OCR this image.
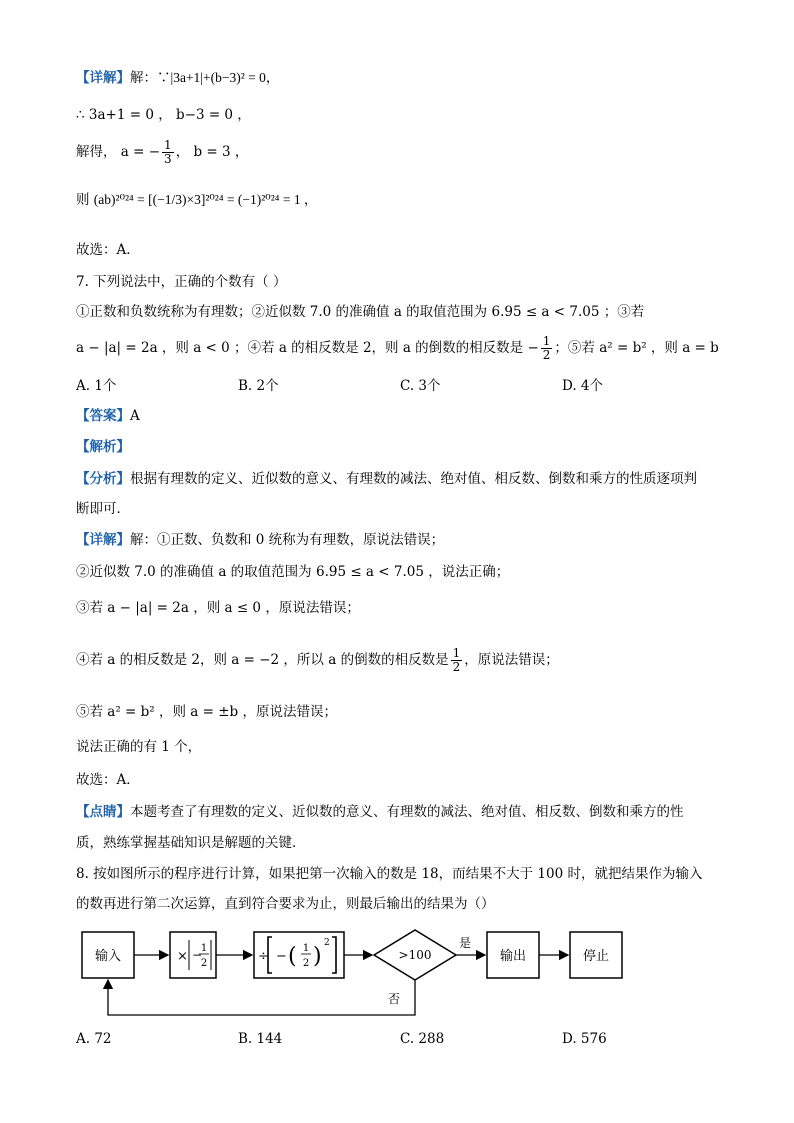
【详解】解：∵|3a+1|+(b−3)² = 0，
∴ 3a+1 = 0 ， b−3 = 0 ，
解得， a = − $\frac{1}{3}$ ， b = 3 ，
则 (ab)²⁰²⁴ = [(−1/3)×3]²⁰²⁴ = (−1)²⁰²⁴ = 1 ，
故选：A．
7. 下列说法中，正确的个数有（ ）
①正数和负数统称为有理数；②近似数 7.0 的准确值 a 的取值范围为 6.95 ≤ a < 7.05 ；③若
a − |a| = 2a ，则 a < 0 ；④若 a 的相反数是 2，则 a 的倒数的相反数是 − $\frac{1}{2}$ ；⑤若 a² = b² ，则 a = b
A. 1个	B. 2个	C. 3个	D. 4个
【答案】A
【解析】
【分析】根据有理数的定义、近似数的意义、有理数的减法、绝对值、相反数、倒数和乘方的性质逐项判
断即可．
【详解】解：①正数、负数和 0 统称为有理数，原说法错误；
②近似数 7.0 的准确值 a 的取值范围为 6.95 ≤ a < 7.05 ，说法正确；
③若 a − |a| = 2a ，则 a ≤ 0 ，原说法错误；
④若 a 的相反数是 2，则 a = −2 ，所以 a 的倒数的相反数是 $\frac{1}{2}$ ，原说法错误；
⑤若 a² = b² ，则 a = ±b ，原说法错误；
说法正确的有 1 个，
故选：A．
【点睛】本题考查了有理数的定义、近似数的意义、有理数的减法、绝对值、相反数、倒数和乘方的性
质，熟练掌握基础知识是解题的关键．
8. 按如图所示的程序进行计算，如果把第一次输入的数是 18，而结果不大于 100 时，就把结果作为输入
的数再进行第二次运算，直到符合要求为止，则最后输出的结果为（）
输入	× −
1
2	÷ − ( 1
2 )
2
>100
是
输出	停止
否
A. 72	B. 144	C. 288	D. 576
